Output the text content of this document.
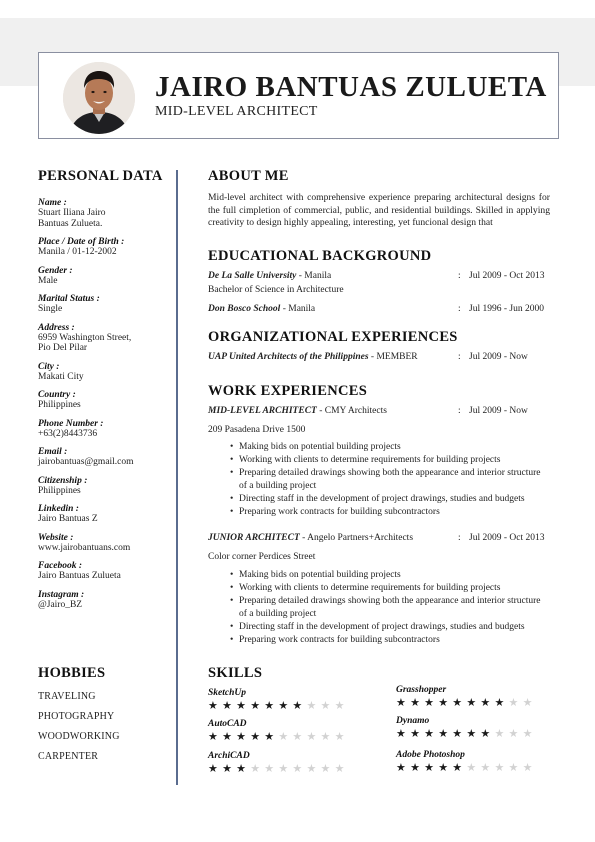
JAIRO BANTUAS ZULUETA
MID-LEVEL ARCHITECT
PERSONAL DATA
Name :
Stuart Iliana Jairo
Bantuas Zulueta.
Place / Date of Birth :
Manila / 01-12-2002
Gender :
Male
Marital Status :
Single
Address :
6959 Washington Street,
Pio Del Pilar
City :
Makati City
Country :
Philippines
Phone Number :
+63(2)8443736
Email :
jairobantuas@gmail.com
Citizenship :
Philippines
Linkedin :
Jairo Bantuas Z
Website :
www.jairobantuans.com
Facebook :
Jairo Bantuas Zulueta
Instagram :
@Jairo_BZ
HOBBIES
TRAVELING
PHOTOGRAPHY
WOODWORKING
CARPENTER
ABOUT ME
Mid-level architect with comprehensive experience preparing architectural designs for the full cimpletion of commercial, public, and residential buildings. Skilled in applying creativity to design highly appealing, interesting, yet funcional design that
EDUCATIONAL BACKGROUND
De La Salle University - Manila	: Jul 2009 - Oct 2013
Bachelor of Science in Architecture
Don Bosco School - Manila	: Jul 1996 - Jun 2000
ORGANIZATIONAL EXPERIENCES
UAP United Architects of the Philippines - MEMBER	: Jul 2009 - Now
WORK EXPERIENCES
MID-LEVEL ARCHITECT - CMY Architects	: Jul 2009 - Now
209 Pasadena Drive 1500
• Making bids on potential building projects
• Working with clients to determine requirements for building projects
• Preparing detailed drawings showing both the appearance and interior structure of a building project
• Directing staff in the development of project drawings, studies and budgets
• Preparing work contracts for building subcontractors
JUNIOR ARCHITECT - Angelo Partners+Architects	: Jul 2009 - Oct 2013
Color corner Perdices Street
• Making bids on potential building projects
• Working with clients to determine requirements for building projects
• Preparing detailed drawings showing both the appearance and interior structure of a building project
• Directing staff in the development of project drawings, studies and budgets
• Preparing work contracts for building subcontractors
SKILLS
SketchUp
★★★★★★★★★★
Grasshopper
★★★★★★★★★★
AutoCAD
★★★★★★★★★★
Dynamo
★★★★★★★★★★
ArchiCAD
★★★★★★★★★★
Adobe Photoshop
★★★★★★★★★★
